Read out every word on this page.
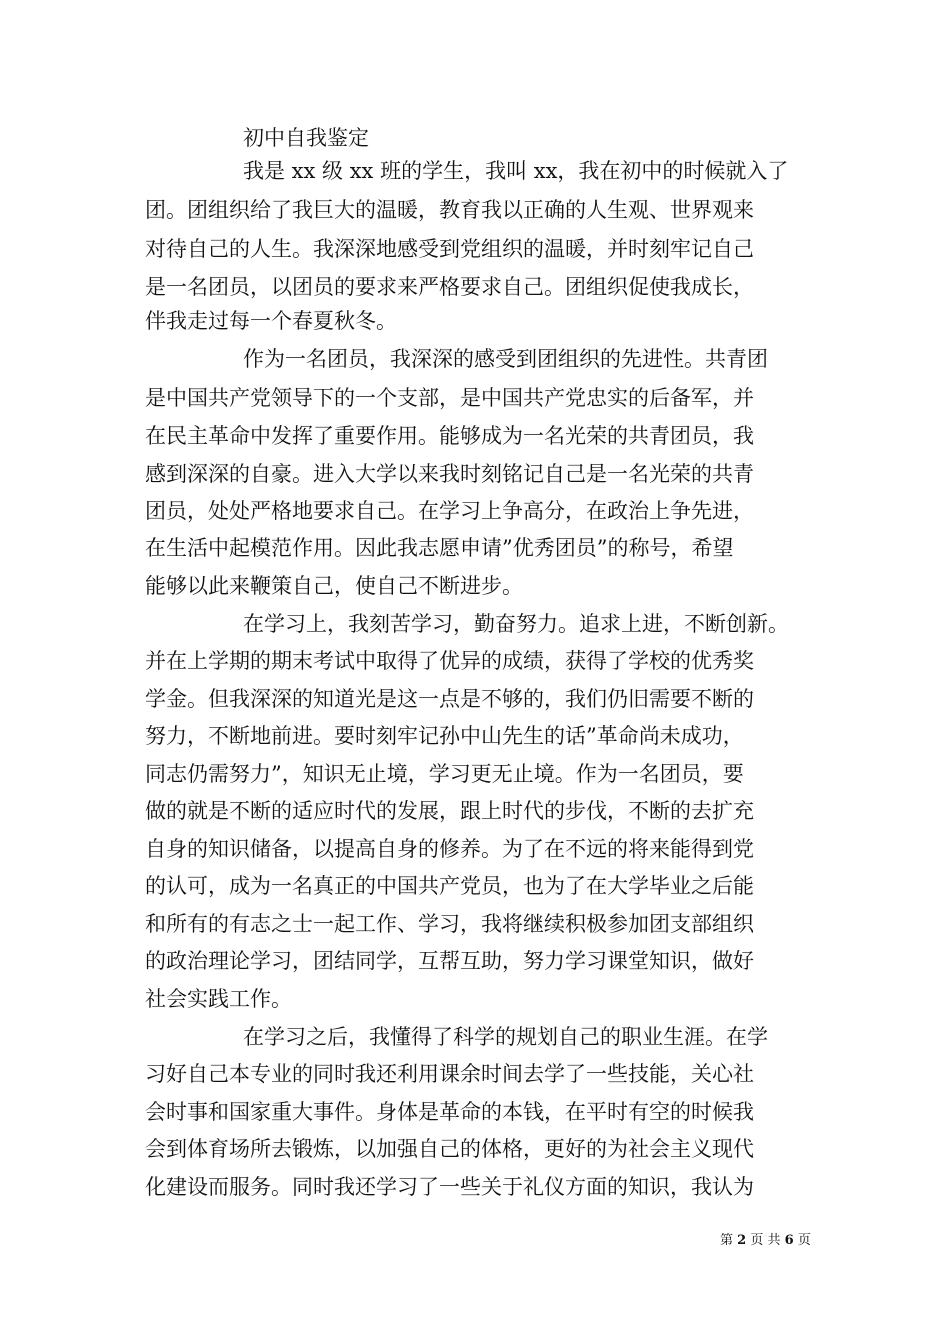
初中自我鉴定
我是 xx 级 xx 班的学生，我叫 xx，我在初中的时候就入了
团。团组织给了我巨大的温暖，教育我以正确的人生观、世界观来
对待自己的人生。我深深地感受到党组织的温暖，并时刻牢记自己
是一名团员，以团员的要求来严格要求自己。团组织促使我成长，
伴我走过每一个春夏秋冬。
作为一名团员，我深深的感受到团组织的先进性。共青团
是中国共产党领导下的一个支部，是中国共产党忠实的后备军，并
在民主革命中发挥了重要作用。能够成为一名光荣的共青团员，我
感到深深的自豪。进入大学以来我时刻铭记自己是一名光荣的共青
团员，处处严格地要求自己。在学习上争高分，在政治上争先进，
在生活中起模范作用。因此我志愿申请”优秀团员”的称号，希望
能够以此来鞭策自己，使自己不断进步。
在学习上，我刻苦学习，勤奋努力。追求上进，不断创新。
并在上学期的期末考试中取得了优异的成绩，获得了学校的优秀奖
学金。但我深深的知道光是这一点是不够的，我们仍旧需要不断的
努力，不断地前进。要时刻牢记孙中山先生的话”革命尚未成功，
同志仍需努力”，知识无止境，学习更无止境。作为一名团员，要
做的就是不断的适应时代的发展，跟上时代的步伐，不断的去扩充
自身的知识储备，以提高自身的修养。为了在不远的将来能得到党
的认可，成为一名真正的中国共产党员，也为了在大学毕业之后能
和所有的有志之士一起工作、学习，我将继续积极参加团支部组织
的政治理论学习，团结同学，互帮互助，努力学习课堂知识，做好
社会实践工作。
在学习之后，我懂得了科学的规划自己的职业生涯。在学
习好自己本专业的同时我还利用课余时间去学了一些技能，关心社
会时事和国家重大事件。身体是革命的本钱，在平时有空的时候我
会到体育场所去锻炼，以加强自己的体格，更好的为社会主义现代
化建设而服务。同时我还学习了一些关于礼仪方面的知识，我认为
第 2 页 共 6 页
